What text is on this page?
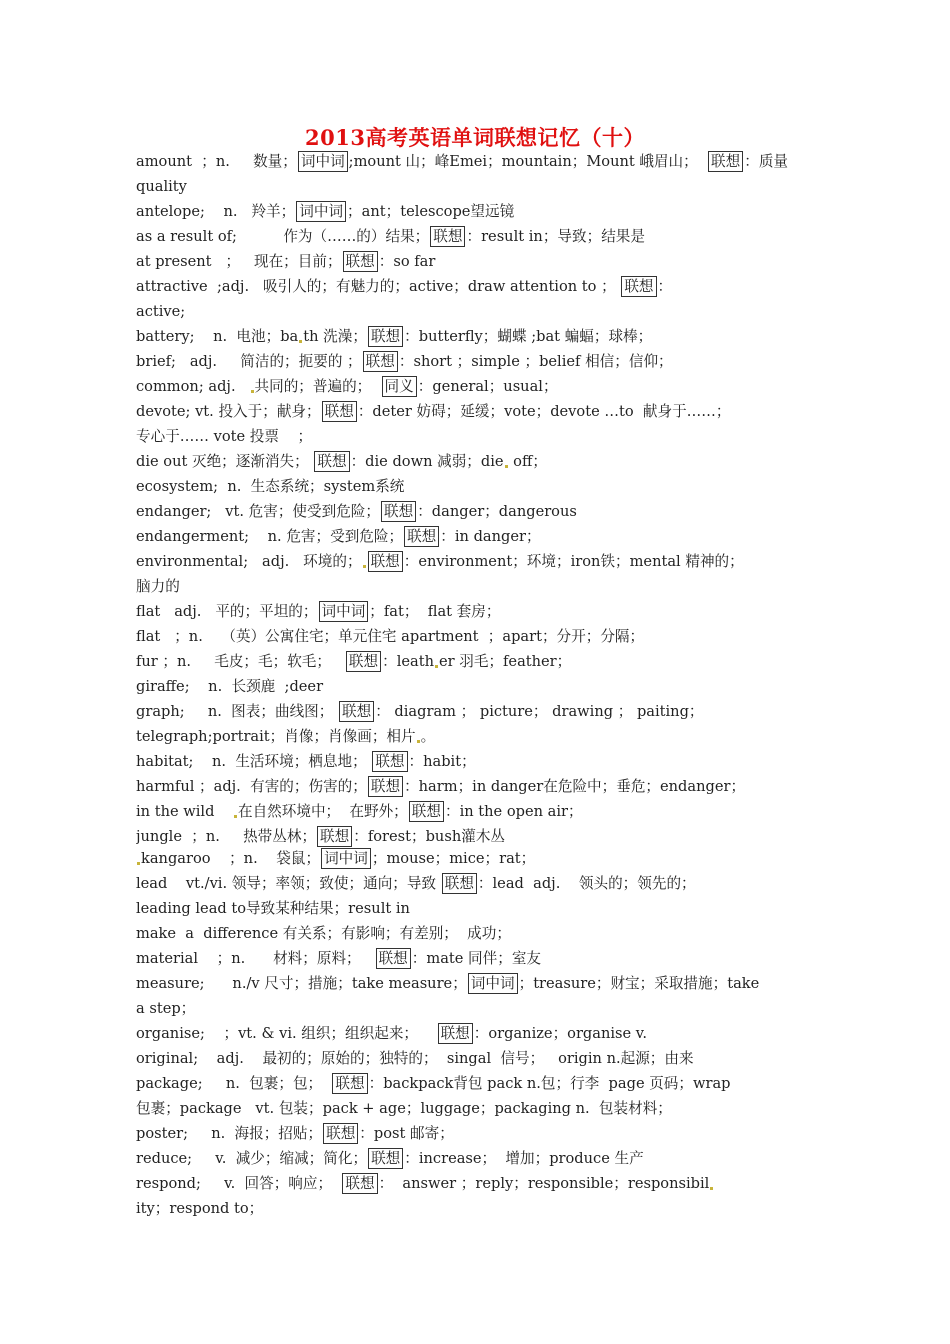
2013高考英语单词联想记忆（十）
amount  ；n.     数量； 词中词 ;mount 山；峰Emei；mountain；Mount 峨眉山；  联想 ：质量
quality
antelope;    n.   羚羊； 词中词 ；ant；telescope望远镜
as a result of;          作为（……的）结果； 联想 ：result in；导致；结果是
at present   ；   现在；目前； 联想 ：so far
attractive  ;adj.   吸引人的；有魅力的；active；draw attention to ； 联想 ：
active;
battery;    n.  电池；ba th 洗澡； 联想 ：butterfly；蝴蝶 ;bat 蝙蝠；球棒；
brief;   adj.     简洁的；扼要的 ； 联想 ：short ；simple ；belief 相信；信仰；
common; adj.   共同的；普遍的；  同义 ：general；usual；
devote; vt. 投入于；献身； 联想 ：deter 妨碍；延缓；vote；devote …to  献身于……；
专心于…… vote 投票    ；
die out 灭绝；逐渐消失； 联想 ：die down 减弱；die off；
ecosystem;  n.  生态系统；system系统
endanger;   vt. 危害；使受到危险； 联想 ：danger；dangerous
endangerment;    n. 危害；受到危险； 联想 ：in danger；
environmental;   adj.   环境的； 联想 ：environment；环境；iron铁；mental 精神的；
脑力的
flat   adj.   平的；平坦的； 词中词 ；fat；  flat 套房；
flat   ；n.    （英）公寓住宅；单元住宅 apartment  ；apart；分开；分隔；
fur ；n.     毛皮；毛；软毛；   联想 ：leath er 羽毛；feather；
giraffe;    n.  长颈鹿  ;deer
graph;     n.  图表；曲线图； 联想 ： diagram ； picture； drawing ； paiting；
telegraph;portrait；肖像；肖像画；相片 。
habitat;    n.  生活环境；栖息地； 联想 ：habit；
harmful ；adj.  有害的；伤害的； 联想 ：harm；in danger在危险中；垂危；endanger；
in the wild    在自然环境中；  在野外； 联想 ：in the open air；
jungle  ；n.     热带丛林； 联想 ：forest；bush灌木丛
kangaroo    ；n.    袋鼠； 词中词 ；mouse；mice；rat；
lead    vt./vi. 领导；率领；致使；通向；导致 联想 ：lead  adj.    领头的；领先的；
leading lead to导致某种结果；result in
make  a  difference 有关系；有影响；有差别；  成功；
material    ；n.      材料；原料；   联想 ：mate 同伴；室友
measure;      n./v 尺寸；措施；take measure； 词中词 ；treasure；财宝；采取措施；take
a step；
organise;    ；vt. & vi. 组织；组织起来；    联想 ：organize；organise v.
original;    adj.    最初的；原始的；独特的；  singal  信号；   origin n.起源；由来
package;     n.  包裹；包；  联想 ：backpack背包 pack n.包；行李  page 页码；wrap
包裹；package   vt. 包装；pack + age；luggage；packaging n.  包装材料；
poster;     n.  海报；招贴； 联想 ：post 邮寄；
reduce;     v.  减少；缩减；简化； 联想 ：increase；  增加；produce 生产
respond;     v.  回答；响应；  联想 ：  answer ；reply；responsible；responsibil
ity；respond to；
